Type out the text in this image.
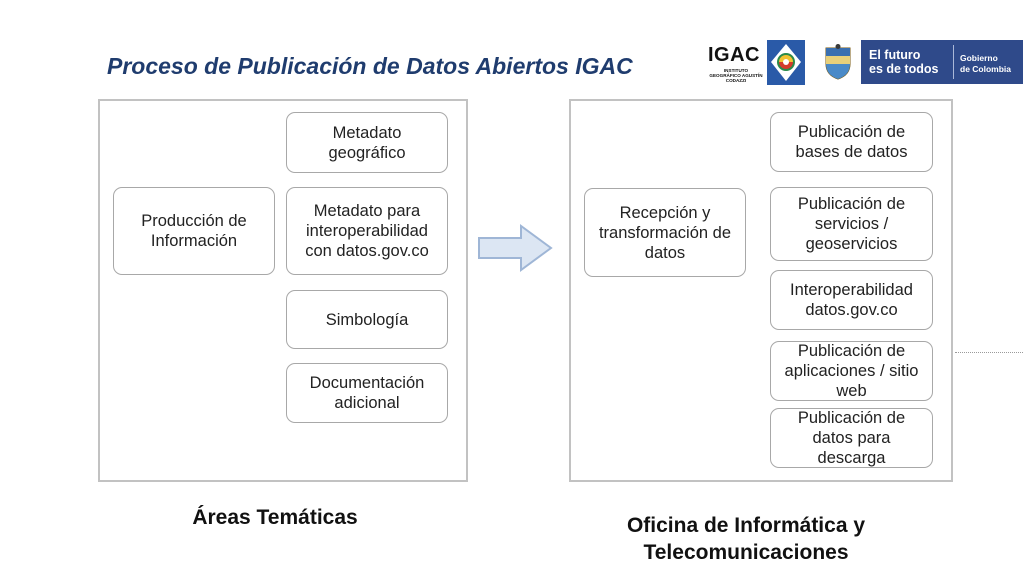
Proceso de Publicación de Datos Abiertos IGAC	IGAC
INSTITUTO GEOGRÁFICO AGUSTÍN CODAZZI
El futuro
es de todos
Gobierno
de Colombia
Producción de
Información
Metadato
geográfico
Metadato para
interoperabilidad
con datos.gov.co
Simbología
Documentación
adicional
Recepción y
transformación de
datos
Publicación de
bases de datos
Publicación de
servicios /
geoservicios
Interoperabilidad
datos.gov.co
Publicación de
aplicaciones / sitio
web
Publicación de
datos para
descarga
Áreas Temáticas	Oficina de Informática y
Telecomunicaciones
